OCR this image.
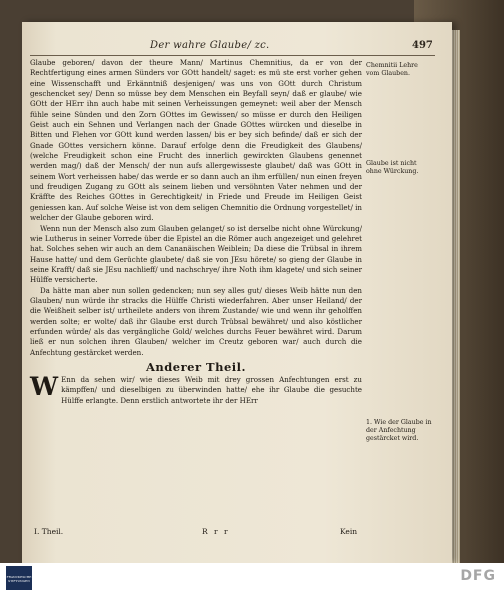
Der wahre Glaube/ zc.	497

Glaube geboren/ davon der theure Mann/ Martinus Chemnitius, da er von der Rechtfertigung eines armen Sünders vor GOtt handelt/ saget: es mü ste erst vorher gehen eine Wissenschafft und Erkänntniß desjenigen/ was uns von GOtt durch Christum geschencket sey/ Denn so müsse bey dem Menschen ein Beyfall seyn/ daß er glaube/ wie GOtt der HErr ihn auch habe mit seinen Verheissungen gemeynet: weil aber der Mensch fühle seine Sünden und den Zorn GOttes im Gewissen/ so müsse er durch den Heiligen Geist auch ein Sehnen und Verlangen nach der Gnade GOttes würcken und dieselbe in Bitten und Flehen vor GOtt kund werden lassen/ bis er bey sich befinde/ daß er sich der Gnade GOttes versichern könne. Darauf erfolge denn die Freudigkeit des Glaubens/ (welche Freudigkeit schon eine Frucht des innerlich gewirckten Glaubens genennet werden mag/) daß der Mensch/ der nun aufs allergewisseste glaubet/ daß was GOtt in seinem Wort verheissen habe/ das werde er so dann auch an ihm erfüllen/ nun einen freyen und freudigen Zugang zu GOtt als seinem lieben und versöhnten Vater nehmen und der Kräffte des Reiches GOttes in Gerechtigkeit/ in Friede und Freude im Heiligen Geist geniessen kan. Auf solche Weise ist von dem seligen Chemnitio die Ordnung vorgestellet/ in welcher der Glaube geboren wird.

Wenn nun der Mensch also zum Glauben gelanget/ so ist derselbe nicht ohne Würckung/ wie Lutherus in seiner Vorrede über die Epistel an die Römer auch angezeiget und gelehret hat. Solches sehen wir auch an dem Cananäischen Weiblein; Da diese die Trübsal in ihrem Hause hatte/ und dem Gerüchte glaubete/ daß sie von JEsu hörete/ so gieng der Glaube in seine Krafft/ daß sie JEsu nachlieff/ und nachschrye/ ihre Noth ihm klagete/ und sich seiner Hülffe versicherte.

Da hätte man aber nun sollen gedencken; nun sey alles gut/ dieses Weib hätte nun den Glauben/ nun würde ihr stracks die Hülffe Christi wiederfahren. Aber unser Heiland/ der die Weißheit selber ist/ urtheilete anders von ihrem Zustande/ wie und wenn ihr geholffen werden solte; er wolte/ daß ihr Glaube erst durch Trübsal bewähret/ und also köstlicher erfunden würde/ als das vergängliche Gold/ welches durchs Feuer bewähret wird. Darum ließ er nun solchen ihren Glauben/ welcher im Creutz geboren war/ auch durch die Anfechtung gestärcket werden.

Anderer Theil.

W Enn da sehen wir/ wie dieses Weib mit drey grossen Anfechtungen erst zu kämpffen/ und dieselbigen zu überwinden hatte/ ehe ihr Glaube die gesuchte Hülffe erlangte. Denn erstlich antwortete ihr der HErr

Chemnitii Lehre vom Glauben.
Glaube ist nicht ohne Würckung.
1. Wie der Glaube in der Anfechtung gestärcket wird.
I. Theil.	R r r	Kein
FRANCKESCHE STIFTUNGEN	DFG
